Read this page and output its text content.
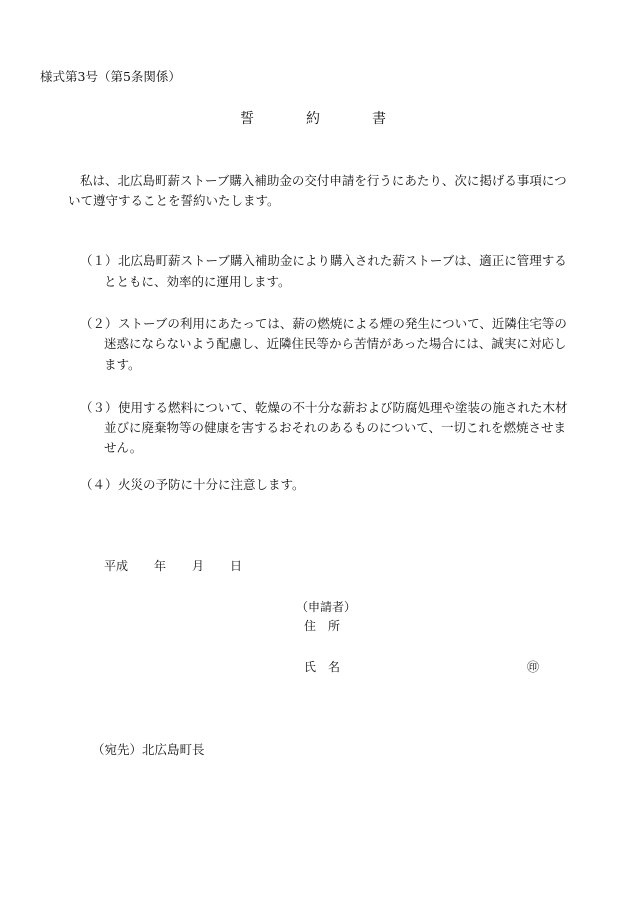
様式第3号（第5条関係）
誓	約	書
私は、北広島町薪ストーブ購入補助金の交付申請を行うにあたり、次に掲げる事項につ
いて遵守することを誓約いたします。
（１） 北広島町薪ストーブ購入補助金により購入された薪ストーブは、適正に管理する
とともに、効率的に運用します。
（２） ストーブの利用にあたっては、薪の燃焼による煙の発生について、近隣住宅等の
迷惑にならないよう配慮し、近隣住民等から苦情があった場合には、誠実に対応し
ます。
（３） 使用する燃料について、乾燥の不十分な薪および防腐処理や塗装の施された木材
並びに廃棄物等の健康を害するおそれのあるものについて、一切これを燃焼させま
せん。
（４） 火災の予防に十分に注意します。
平成 年 月 日
（申請者）
住　所
氏　名	㊞
（宛先）北広島町長
